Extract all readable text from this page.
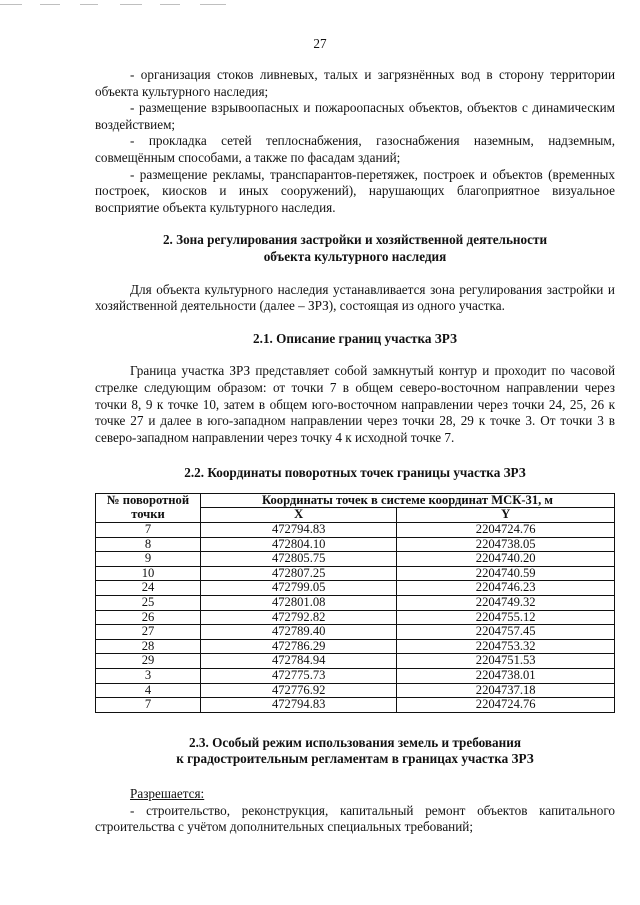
27

- организация стоков ливневых, талых и загрязнённых вод в сторону территории объекта культурного наследия;

- размещение взрывоопасных и пожароопасных объектов, объектов с динамическим воздействием;

- прокладка сетей теплоснабжения, газоснабжения наземным, надземным, совмещённым способами, а также по фасадам зданий;

- размещение рекламы, транспарантов-перетяжек, построек и объектов (временных построек, киосков и иных сооружений), нарушающих благоприятное визуальное восприятие объекта культурного наследия.

2. Зона регулирования застройки и хозяйственной деятельности
объекта культурного наследия

Для объекта культурного наследия устанавливается зона регулирования застройки и хозяйственной деятельности (далее – ЗРЗ), состоящая из одного участка.

2.1. Описание границ участка ЗРЗ

Граница участка ЗРЗ представляет собой замкнутый контур и проходит по часовой стрелке следующим образом: от точки 7 в общем северо-восточном направлении через точки 8, 9 к точке 10, затем в общем юго-восточном направлении через точки 24, 25, 26 к точке 27 и далее в юго-западном направлении через точки 28, 29 к точке 3. От точки 3 в северо-западном направлении через точку 4 к исходной точке 7.

2.2. Координаты поворотных точек границы участка ЗРЗ
№ поворотной точки	Координаты точек в системе координат МСК-31, м	
	X	Y
7	472794.83	2204724.76
8	472804.10	2204738.05
9	472805.75	2204740.20
10	472807.25	2204740.59
24	472799.05	2204746.23
25	472801.08	2204749.32
26	472792.82	2204755.12
27	472789.40	2204757.45
28	472786.29	2204753.32
29	472784.94	2204751.53
3	472775.73	2204738.01
4	472776.92	2204737.18
7	472794.83	2204724.76
2.3. Особый режим использования земель и требования
к градостроительным регламентам в границах участка ЗРЗ

Разрешается:

- строительство, реконструкция, капитальный ремонт объектов капитального строительства с учётом дополнительных специальных требований;
